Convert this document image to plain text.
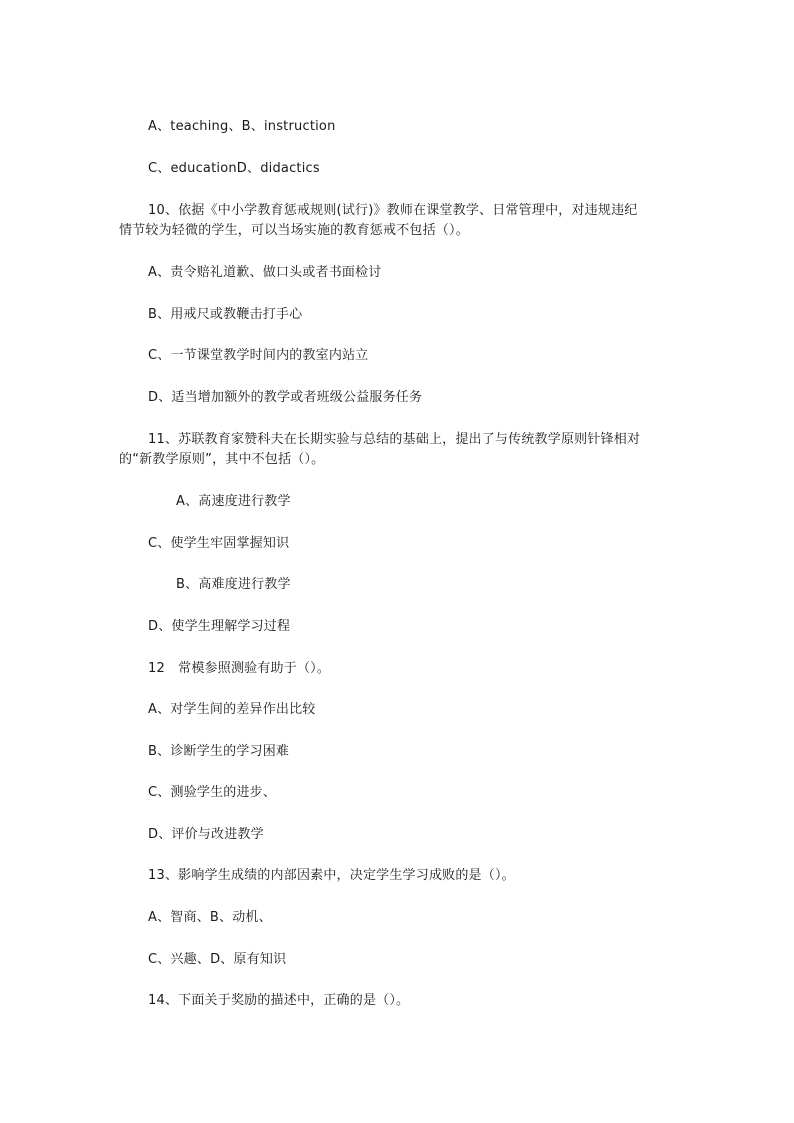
A、teaching、B、instruction
C、educationD、didactics
10、依据《中小学教育惩戒规则(试行)》教师在课堂教学、日常管理中，对违规违纪
情节较为轻微的学生，可以当场实施的教育惩戒不包括（）。
A、责令赔礼道歉、做口头或者书面检讨
B、用戒尺或教鞭击打手心
C、一节课堂教学时间内的教室内站立
D、适当增加额外的教学或者班级公益服务任务
11、苏联教育家赞科夫在长期实验与总结的基础上，提出了与传统教学原则针锋相对
的“新教学原则”，其中不包括（）。
A、高速度进行教学
C、使学生牢固掌握知识
B、高难度进行教学
D、使学生理解学习过程
12　常模参照测验有助于（）。
A、对学生间的差异作出比较
B、诊断学生的学习困难
C、测验学生的进步、
D、评价与改进教学
13、影响学生成绩的内部因素中，决定学生学习成败的是（）。
A、智商、B、动机、
C、兴趣、D、原有知识
14、下面关于奖励的描述中，正确的是（）。
